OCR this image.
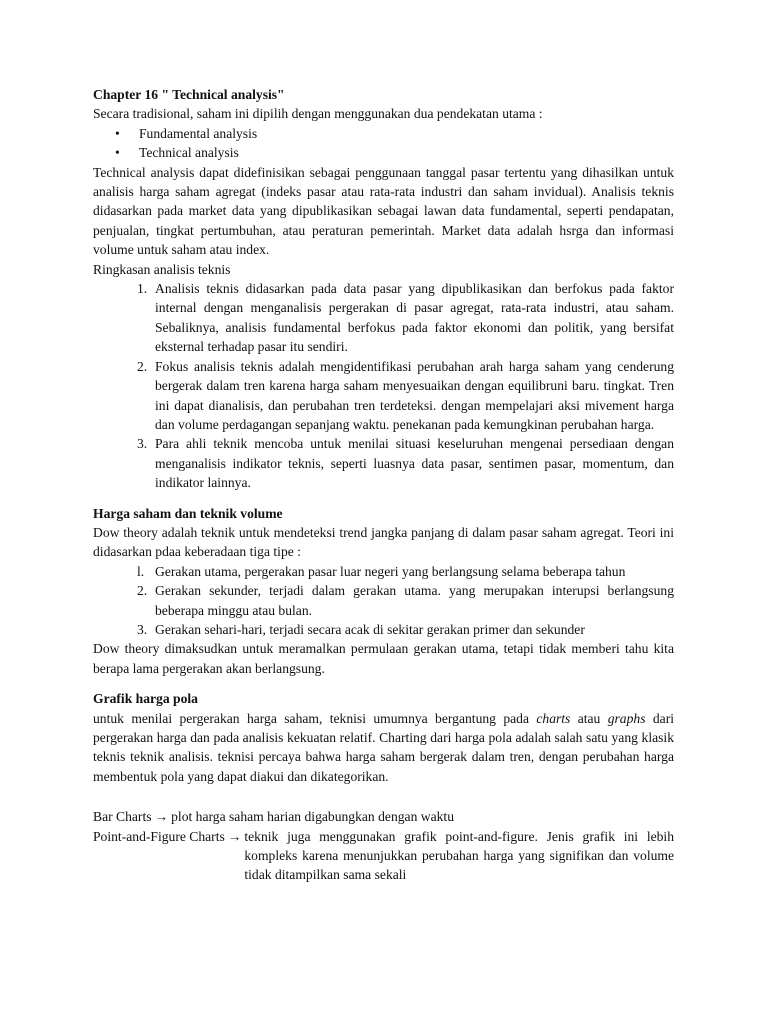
Chapter 16 " Technical analysis"

Secara tradisional, saham ini dipilih dengan menggunakan dua pendekatan utama :

• Fundamental analysis
• Technical analysis

Technical analysis dapat didefinisikan sebagai penggunaan tanggal pasar tertentu yang dihasilkan untuk analisis harga saham agregat (indeks pasar atau rata-rata industri dan saham invidual). Analisis teknis didasarkan pada market data yang dipublikasikan sebagai lawan data fundamental, seperti pendapatan, penjualan, tingkat pertumbuhan, atau peraturan pemerintah. Market data adalah hsrga dan informasi volume untuk saham atau index.

Ringkasan analisis teknis

1. Analisis teknis didasarkan pada data pasar yang dipublikasikan dan berfokus pada faktor internal dengan menganalisis pergerakan di pasar agregat, rata-rata industri, atau saham. Sebaliknya, analisis fundamental berfokus pada faktor ekonomi dan politik, yang bersifat eksternal terhadap pasar itu sendiri.
2. Fokus analisis teknis adalah mengidentifikasi perubahan arah harga saham yang cenderung bergerak dalam tren karena harga saham menyesuaikan dengan equilibruni baru. tingkat. Tren ini dapat dianalisis, dan perubahan tren terdeteksi. dengan mempelajari aksi mivement harga dan volume perdagangan sepanjang waktu. penekanan pada kemungkinan perubahan harga.
3. Para ahli teknik mencoba untuk menilai situasi keseluruhan mengenai persediaan dengan menganalisis indikator teknis, seperti luasnya data pasar, sentimen pasar, momentum, dan indikator lainnya.

Harga saham dan teknik volume

Dow theory adalah teknik untuk mendeteksi trend jangka panjang di dalam pasar saham agregat. Teori ini didasarkan pdaa keberadaan tiga tipe :

l. Gerakan utama, pergerakan pasar luar negeri yang berlangsung selama beberapa tahun
2. Gerakan sekunder, terjadi dalam gerakan utama. yang merupakan interupsi berlangsung beberapa minggu atau bulan.
3. Gerakan sehari-hari, terjadi secara acak di sekitar gerakan primer dan sekunder

Dow theory dimaksudkan untuk meramalkan permulaan gerakan utama, tetapi tidak memberi tahu kita berapa lama pergerakan akan berlangsung.

Grafik harga pola

untuk menilai pergerakan harga saham, teknisi umumnya bergantung pada charts atau graphs dari pergerakan harga dan pada analisis kekuatan relatif. Charting dari harga pola adalah salah satu yang klasik teknis teknik analisis. teknisi percaya bahwa harga saham bergerak dalam tren, dengan perubahan harga membentuk pola yang dapat diakui dan dikategorikan.

Bar Charts → plot harga saham harian digabungkan dengan waktu
Point-and-Figure Charts → teknik juga menggunakan grafik point-and-figure. Jenis grafik ini lebih kompleks karena menunjukkan perubahan harga yang signifikan dan volume tidak ditampilkan sama sekali
